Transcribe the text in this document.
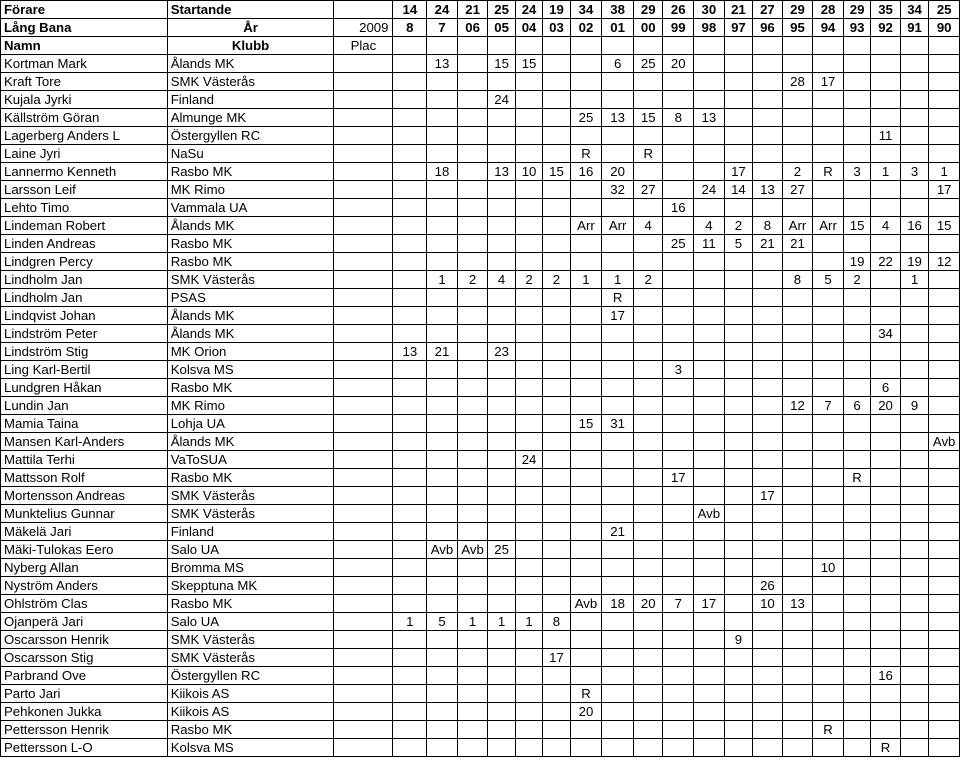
Förare	Startande		14	24	21	25	24	19	34	38	29	26	30	21	27	29	28	29	35	34	25
Lång Bana	År	2009	8	7	06	05	04	03	02	01	00	99	98	97	96	95	94	93	92	91	90
Namn	Klubb	Plac																			
Kortman Mark	Ålands MK			13		15	15			6	25	20									
Kraft Tore	SMK Västerås															28	17				
Kujala Jyrki	Finland					24															
Källström Göran	Almunge MK								25	13	15	8	13								
Lagerberg Anders L	Östergyllen RC																		11		
Laine Jyri	NaSu								R		R										
Lannermo Kenneth	Rasbo MK			18		13	10	15	16	20				17		2	R	3	1	3	1
Larsson Leif	MK Rimo									32	27		24	14	13	27					17
Lehto Timo	Vammala UA											16									
Lindeman Robert	Ålands MK								Arr	Arr	4		4	2	8	Arr	Arr	15	4	16	15
Linden Andreas	Rasbo MK											25	11	5	21	21					
Lindgren Percy	Rasbo MK																	19	22	19	12
Lindholm Jan	SMK Västerås			1	2	4	2	2	1	1	2					8	5	2		1	
Lindholm Jan	PSAS									R											
Lindqvist Johan	Ålands MK									17											
Lindström Peter	Ålands MK																		34		
Lindström Stig	MK Orion		13	21		23															
Ling Karl-Bertil	Kolsva MS											3									
Lundgren Håkan	Rasbo MK																		6		
Lundin Jan	MK Rimo															12	7	6	20	9	
Mamia Taina	Lohja UA								15	31											
Mansen Karl-Anders	Ålands MK																				Avb
Mattila Terhi	VaToSUA						24														
Mattsson Rolf	Rasbo MK											17						R			
Mortensson Andreas	SMK Västerås														17						
Munktelius Gunnar	SMK Västerås												Avb								
Mäkelä Jari	Finland									21											
Mäki-Tulokas Eero	Salo UA			Avb	Avb	25															
Nyberg Allan	Bromma MS																10				
Nyström Anders	Skepptuna MK														26						
Ohlström Clas	Rasbo MK								Avb	18	20	7	17		10	13					
Ojanperä Jari	Salo UA		1	5	1	1	1	8													
Oscarsson Henrik	SMK Västerås													9							
Oscarsson Stig	SMK Västerås							17													
Parbrand Ove	Östergyllen RC																		16		
Parto Jari	Kiikois AS								R												
Pehkonen Jukka	Kiikois AS								20												
Pettersson Henrik	Rasbo MK																R				
Pettersson L-O	Kolsva MS																		R		
